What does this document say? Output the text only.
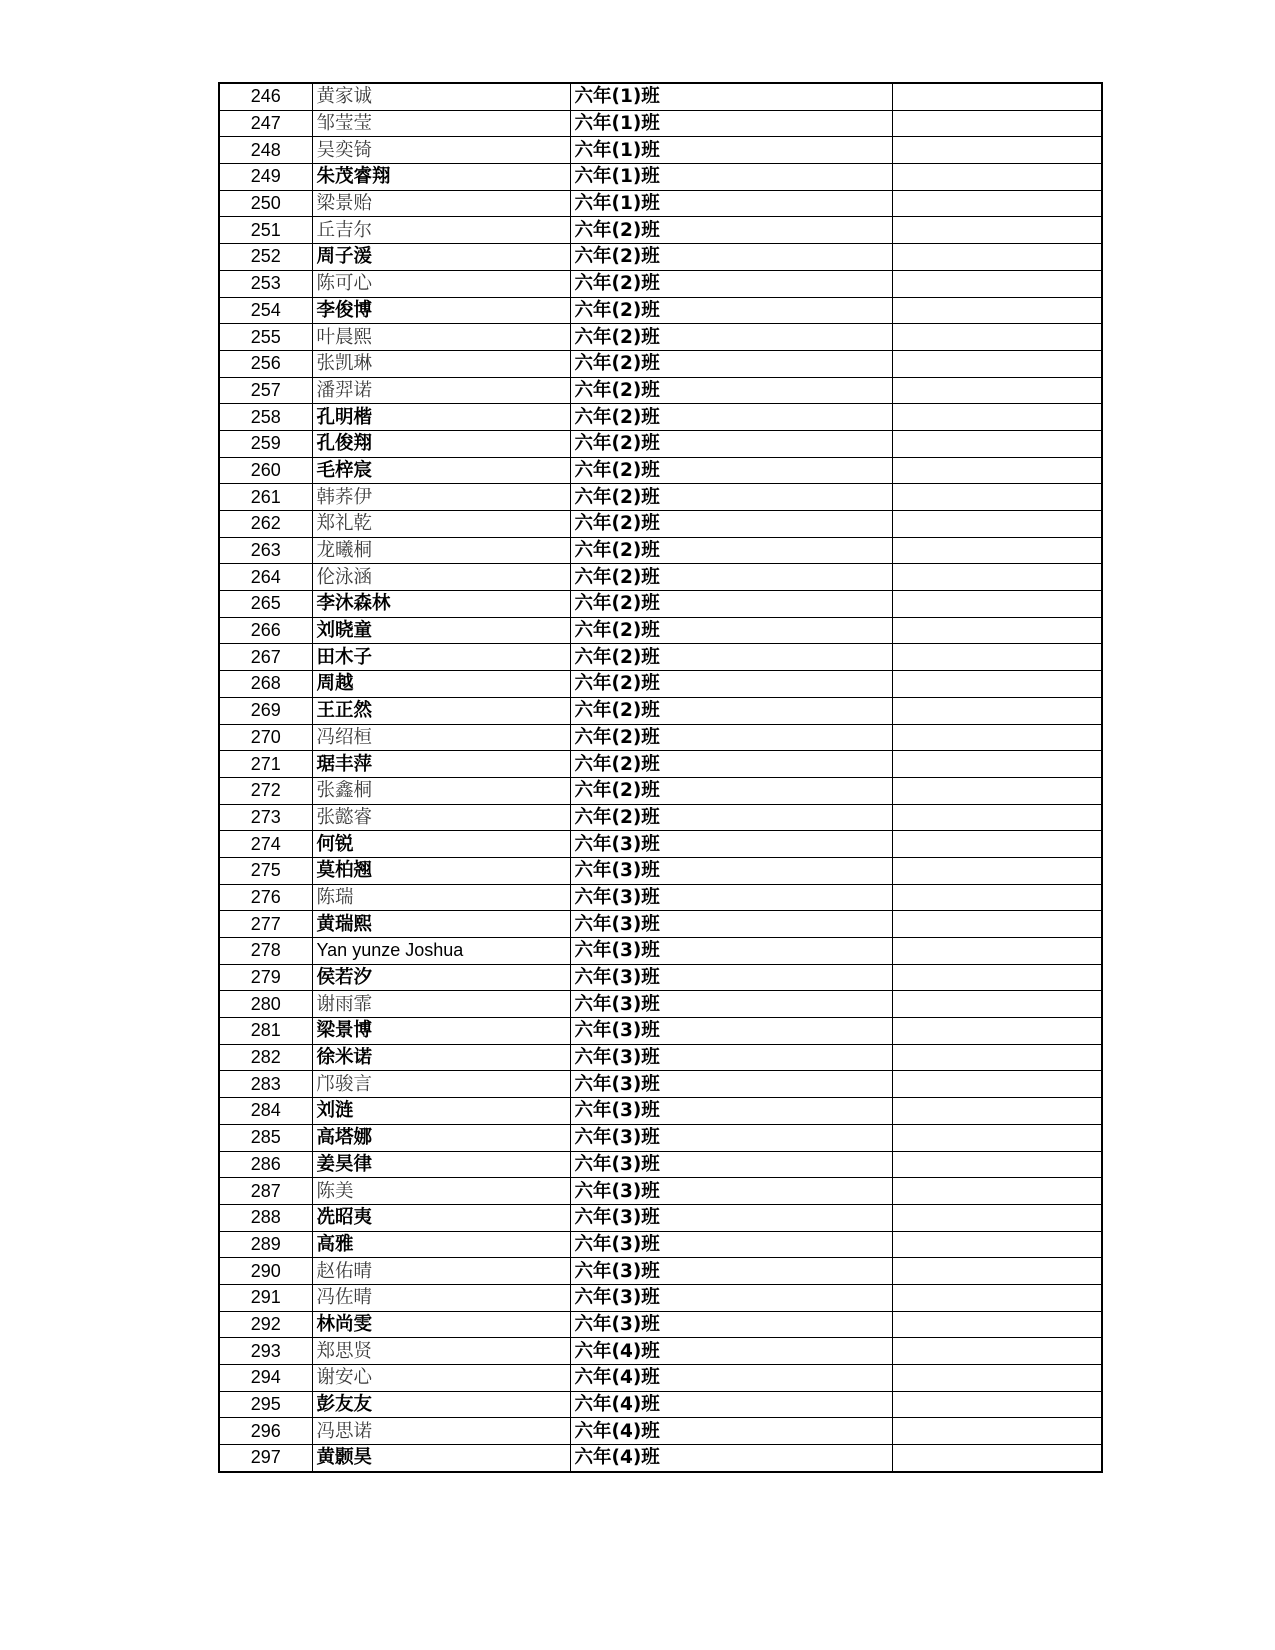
246	黄家诚	六年(1)班	
247	邹莹莹	六年(1)班	
248	吴奕锜	六年(1)班	
249	朱茂睿翔	六年(1)班	
250	梁景贻	六年(1)班	
251	丘吉尔	六年(2)班	
252	周子湲	六年(2)班	
253	陈可心	六年(2)班	
254	李俊博	六年(2)班	
255	叶晨熙	六年(2)班	
256	张凯琳	六年(2)班	
257	潘羿诺	六年(2)班	
258	孔明楷	六年(2)班	
259	孔俊翔	六年(2)班	
260	毛梓宸	六年(2)班	
261	韩荞伊	六年(2)班	
262	郑礼乾	六年(2)班	
263	龙曦桐	六年(2)班	
264	伦泳涵	六年(2)班	
265	李沐森林	六年(2)班	
266	刘晓童	六年(2)班	
267	田木子	六年(2)班	
268	周越	六年(2)班	
269	王正然	六年(2)班	
270	冯绍桓	六年(2)班	
271	琚丰萍	六年(2)班	
272	张鑫桐	六年(2)班	
273	张懿睿	六年(2)班	
274	何锐	六年(3)班	
275	莫柏翘	六年(3)班	
276	陈瑞	六年(3)班	
277	黄瑞熙	六年(3)班	
278	Yan yunze Joshua	六年(3)班	
279	侯若汐	六年(3)班	
280	谢雨霏	六年(3)班	
281	梁景博	六年(3)班	
282	徐米诺	六年(3)班	
283	邝骏言	六年(3)班	
284	刘涟	六年(3)班	
285	高塔娜	六年(3)班	
286	姜昊律	六年(3)班	
287	陈美	六年(3)班	
288	冼昭夷	六年(3)班	
289	高雅	六年(3)班	
290	赵佑晴	六年(3)班	
291	冯佐晴	六年(3)班	
292	林尚雯	六年(3)班	
293	郑思贤	六年(4)班	
294	谢安心	六年(4)班	
295	彭友友	六年(4)班	
296	冯思诺	六年(4)班	
297	黄颢昊	六年(4)班	
